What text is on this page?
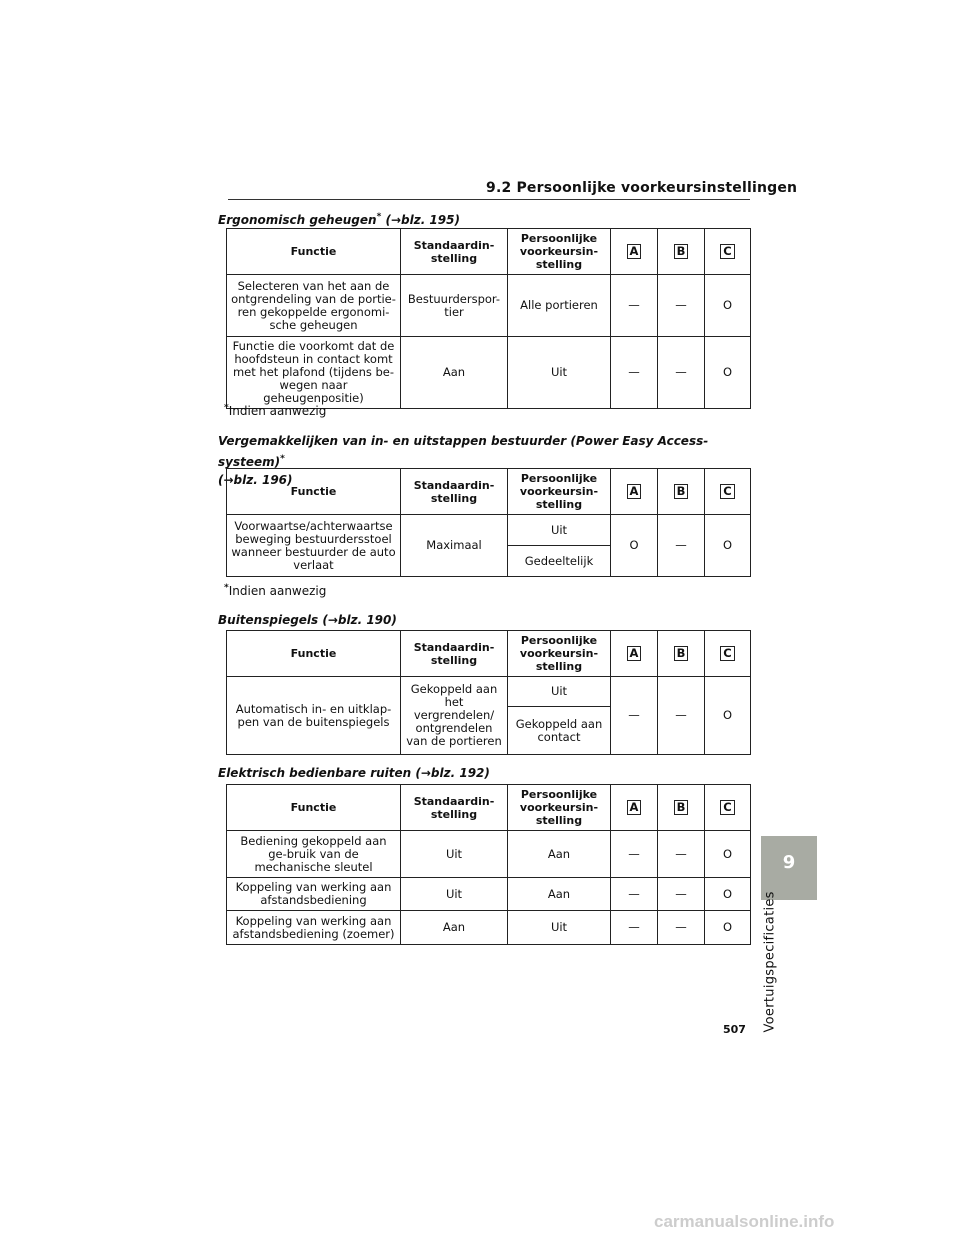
9.2 Persoonlijke voorkeursinstellingen
Ergonomisch geheugen* (→blz. 195)
Functie	Standaardin-stelling	Persoonlijke voorkeursin-stelling	A	B	C
Selecteren van het aan de ontgrendeling van de portie-ren gekoppelde ergonomi-sche geheugen	Bestuurderspor-tier	Alle portieren	—	—	O
Functie die voorkomt dat de hoofdsteun in contact komt met het plafond (tijdens be-wegen naar geheugenpositie)	Aan	Uit	—	—	O
*Indien aanwezig
Vergemakkelijken van in- en uitstappen bestuurder (Power Easy Access-systeem)*
(→blz. 196)
Functie	Standaardin-stelling	Persoonlijke voorkeursin-stelling	A	B	C
Voorwaartse/achterwaartse beweging bestuurdersstoel wanneer bestuurder de auto verlaat	Maximaal	Uit	O	—	O
		Gedeeltelijk			
*Indien aanwezig
Buitenspiegels (→blz. 190)
Functie	Standaardin-stelling	Persoonlijke voorkeursin-stelling	A	B	C
Automatisch in- en uitklap-pen van de buitenspiegels	Gekoppeld aan het vergrendelen/ ontgrendelen van de portieren	Uit	—	—	O
		Gekoppeld aan contact			
Elektrisch bedienbare ruiten (→blz. 192)
Functie	Standaardin-stelling	Persoonlijke voorkeursin-stelling	A	B	C
Bediening gekoppeld aan ge-bruik van de mechanische sleutel	Uit	Aan	—	—	O
Koppeling van werking aan afstandsbediening	Uit	Aan	—	—	O
Koppeling van werking aan afstandsbediening (zoemer)	Aan	Uit	—	—	O
9
Voertuigspecificaties
507
carmanualsonline.info
